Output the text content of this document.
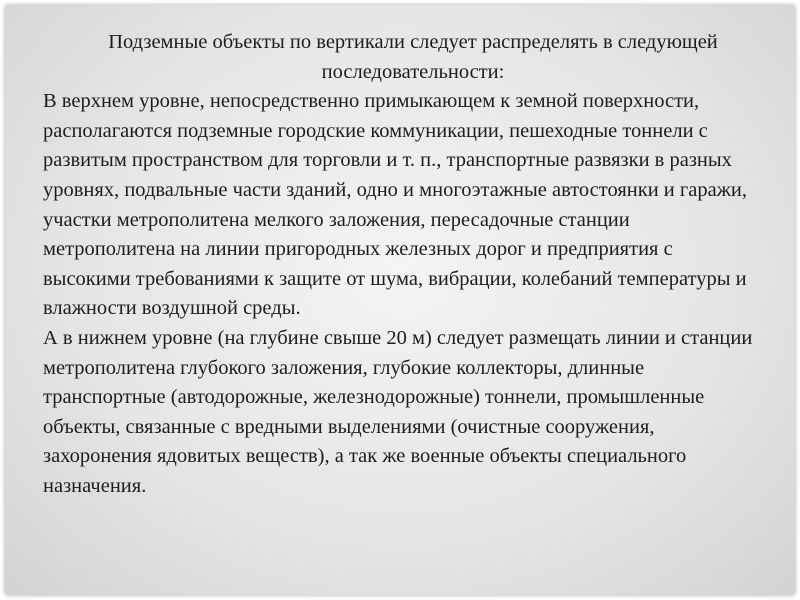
Подземные объекты по вертикали следует распределять в следующей последовательности:

В верхнем уровне, непосредственно примыкающем к земной поверхности, располагаются подземные городские коммуникации, пешеходные тоннели с развитым пространством для торговли и т. п., транспортные развязки в разных уровнях, подвальные части зданий, одно и многоэтажные автостоянки и гаражи, участки метрополитена мелкого заложения, пересадочные станции метрополитена на линии пригородных железных дорог и предприятия с высокими требованиями к защите от шума, вибрации, колебаний температуры и влажности воздушной среды.

А в нижнем уровне (на глубине свыше 20 м) следует размещать линии и станции метрополитена глубокого заложения, глубокие коллекторы, длинные транспортные (автодорожные, железнодорожные) тоннели, промышленные объекты, связанные с вредными выделениями (очистные сооружения, захоронения ядовитых веществ), а так же военные объекты специального назначения.
